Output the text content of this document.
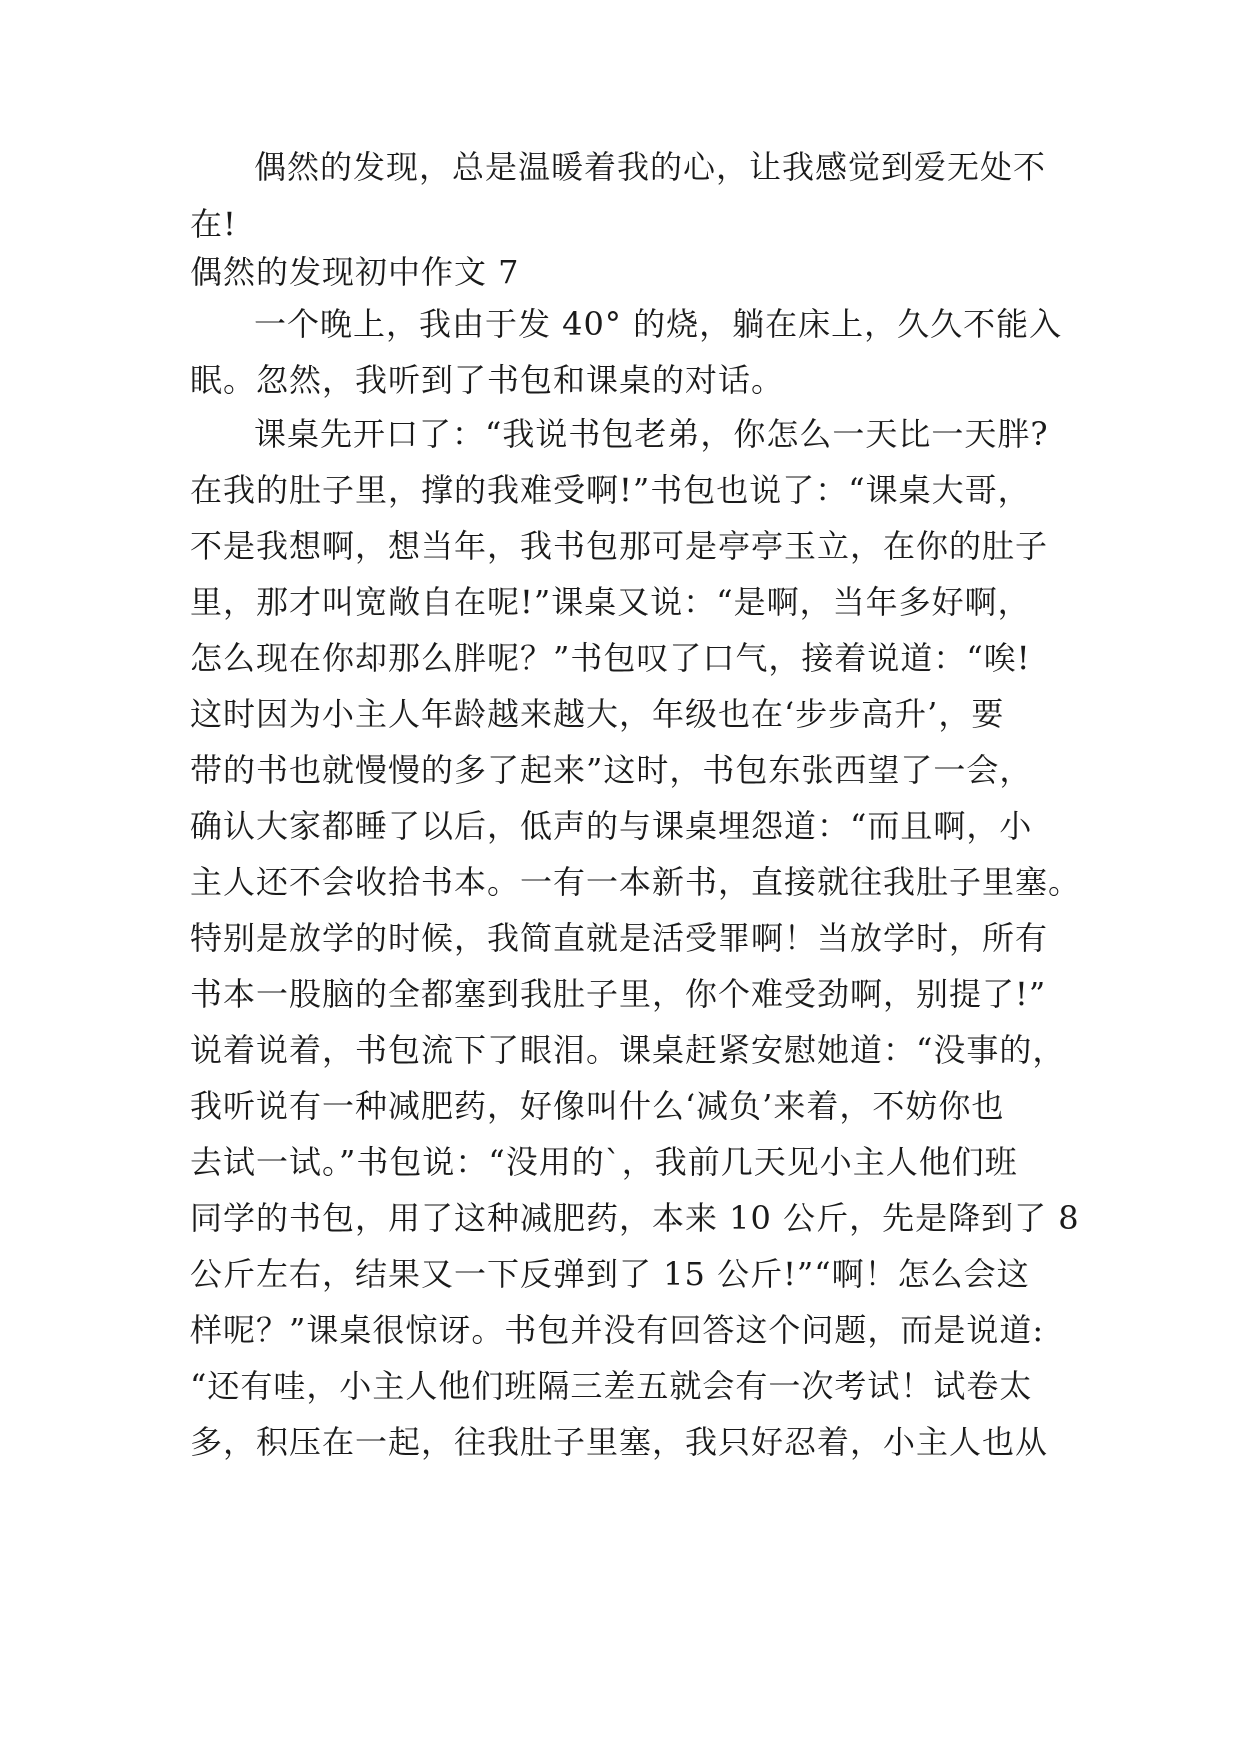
偶然的发现，总是温暖着我的心，让我感觉到爱无处不
在!
偶然的发现初中作文 7
一个晚上，我由于发 40° 的烧，躺在床上，久久不能入
眠。忽然，我听到了书包和课桌的对话。
课桌先开口了：“我说书包老弟，你怎么一天比一天胖?
在我的肚子里，撑的我难受啊!”书包也说了：“课桌大哥，
不是我想啊，想当年，我书包那可是亭亭玉立，在你的肚子
里，那才叫宽敞自在呢!”课桌又说：“是啊，当年多好啊，
怎么现在你却那么胖呢？”书包叹了口气，接着说道：“唉!
这时因为小主人年龄越来越大，年级也在‘步步高升’，要
带的书也就慢慢的多了起来”这时，书包东张西望了一会，
确认大家都睡了以后，低声的与课桌埋怨道：“而且啊，小
主人还不会收拾书本。一有一本新书，直接就往我肚子里塞。
特别是放学的时候，我简直就是活受罪啊！当放学时，所有
书本一股脑的全都塞到我肚子里，你个难受劲啊，别提了!”
说着说着，书包流下了眼泪。课桌赶紧安慰她道：“没事的，
我听说有一种减肥药，好像叫什么‘减负’来着，不妨你也
去试一试。”书包说：“没用的`，我前几天见小主人他们班
同学的书包，用了这种减肥药，本来 10 公斤，先是降到了 8
公斤左右，结果又一下反弹到了 15 公斤!”“啊！怎么会这
样呢？”课桌很惊讶。书包并没有回答这个问题，而是说道:
“还有哇，小主人他们班隔三差五就会有一次考试！试卷太
多，积压在一起，往我肚子里塞，我只好忍着，小主人也从
